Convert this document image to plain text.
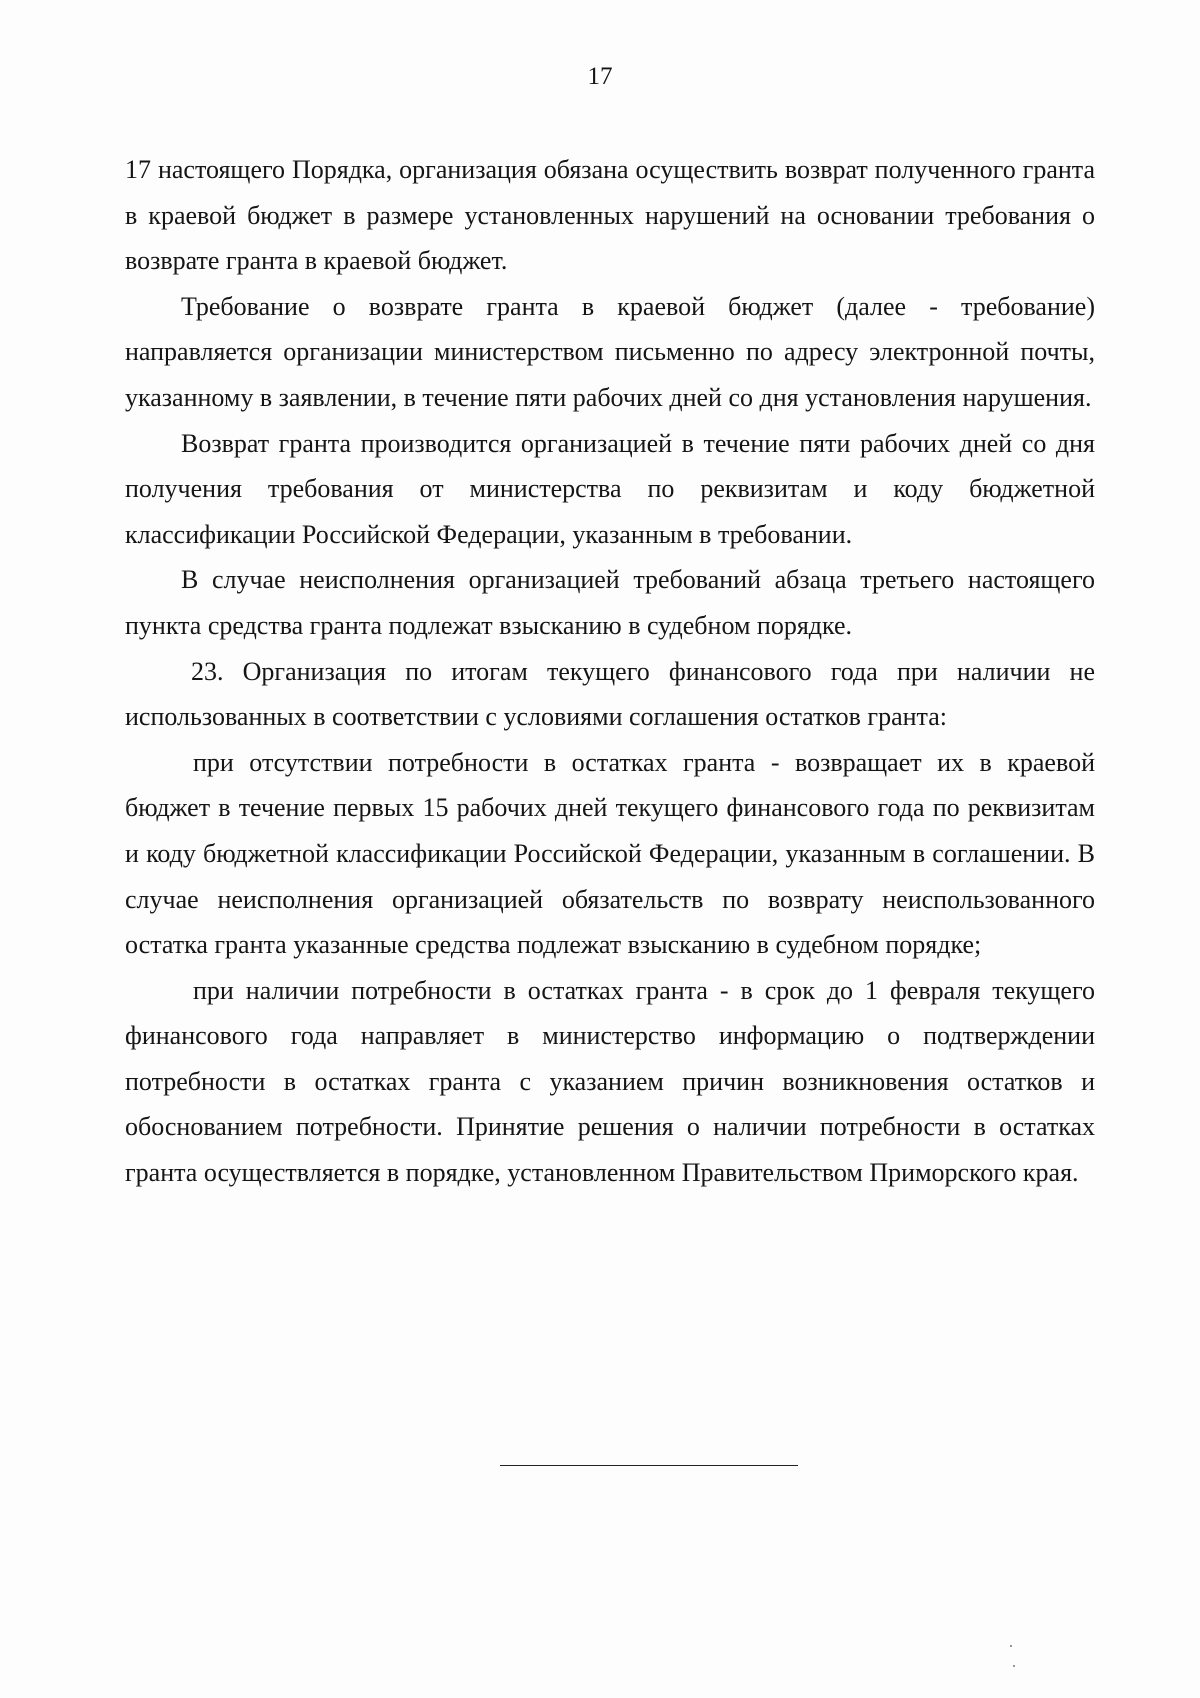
17

17 настоящего Порядка, организация обязана осуществить возврат полученного гранта в краевой бюджет в размере установленных нарушений на основании требования о возврате гранта в краевой бюджет.

Требование о возврате гранта в краевой бюджет (далее - требование) направляется организации министерством письменно по адресу электронной почты, указанному в заявлении, в течение пяти рабочих дней со дня установления нарушения.

Возврат гранта производится организацией в течение пяти рабочих дней со дня получения требования от министерства по реквизитам и коду бюджетной классификации Российской Федерации, указанным в требовании.

В случае неисполнения организацией требований абзаца третьего настоящего пункта средства гранта подлежат взысканию в судебном порядке.

23. Организация по итогам текущего финансового года при наличии не использованных в соответствии с условиями соглашения остатков гранта:

при отсутствии потребности в остатках гранта - возвращает их в краевой бюджет в течение первых 15 рабочих дней текущего финансового года по реквизитам и коду бюджетной классификации Российской Федерации, указанным в соглашении. В случае неисполнения организацией обязательств по возврату неиспользованного остатка гранта указанные средства подлежат взысканию в судебном порядке;

при наличии потребности в остатках гранта - в срок до 1 февраля текущего финансового года направляет в министерство информацию о подтверждении потребности в остатках гранта с указанием причин возникновения остатков и обоснованием потребности. Принятие решения о наличии потребности в остатках гранта осуществляется в порядке, установленном Правительством Приморского края.
